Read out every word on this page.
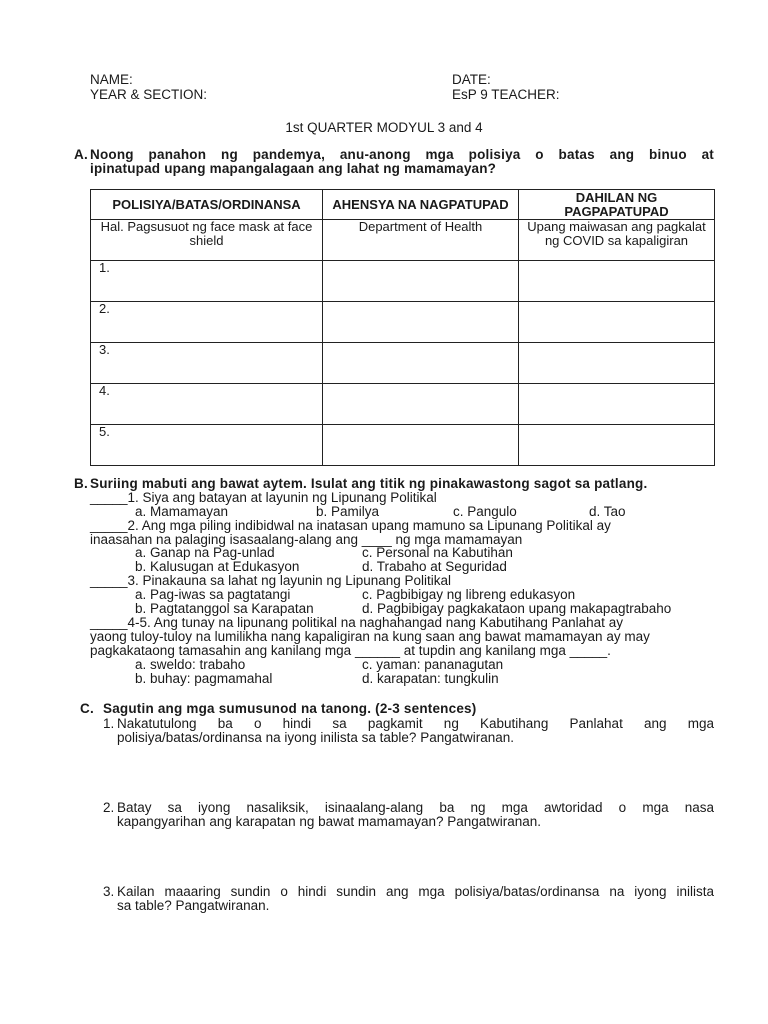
NAME:	DATE:
YEAR & SECTION:	EsP 9 TEACHER:
1st QUARTER MODYUL 3 and 4
A. Noong panahon ng pandemya, anu-anong mga polisiya o batas ang binuo at
ipinatupad upang mapangalagaan ang lahat ng mamamayan?
POLISIYA/BATAS/ORDINANSA	AHENSYA NA NAGPATUPAD	DAHILAN NG PAGPAPATUPAD
Hal. Pagsusuot ng face mask at face shield	Department of Health	Upang maiwasan ang pagkalat ng COVID sa kapaligiran
1.		
2.		
3.		
4.		
5.		
B. Suriing mabuti ang bawat aytem. Isulat ang titik ng pinakawastong sagot sa patlang.
_____1. Siya ang batayan at layunin ng Lipunang Politikal
a. Mamamayan	b. Pamilya	c. Pangulo	d. Tao
_____2. Ang mga piling indibidwal na inatasan upang mamuno sa Lipunang Politikal ay
inaasahan na palaging isasaalang-alang ang ____ ng mga mamamayan
a. Ganap na Pag-unlad	c. Personal na Kabutihan
b. Kalusugan at Edukasyon	d. Trabaho at Seguridad
_____3. Pinakauna sa lahat ng layunin ng Lipunang Politikal
a. Pag-iwas sa pagtatangi	c. Pagbibigay ng libreng edukasyon
b. Pagtatanggol sa Karapatan	d. Pagbibigay pagkakataon upang makapagtrabaho
_____4-5. Ang tunay na lipunang politikal na naghahangad nang Kabutihang Panlahat ay
yaong tuloy-tuloy na lumilikha nang kapaligiran na kung saan ang bawat mamamayan ay may
pagkakataong tamasahin ang kanilang mga ______ at tupdin ang kanilang mga _____.
a. sweldo: trabaho	c. yaman: pananagutan
b. buhay: pagmamahal	d. karapatan: tungkulin
C. Sagutin ang mga sumusunod na tanong. (2-3 sentences)
1. Nakatutulong ba o hindi sa pagkamit ng Kabutihang Panlahat ang mga
polisiya/batas/ordinansa na iyong inilista sa table? Pangatwiranan.
2. Batay sa iyong nasaliksik, isinaalang-alang ba ng mga awtoridad o mga nasa
kapangyarihan ang karapatan ng bawat mamamayan? Pangatwiranan.
3. Kailan maaaring sundin o hindi sundin ang mga polisiya/batas/ordinansa na iyong inilista
sa table? Pangatwiranan.
